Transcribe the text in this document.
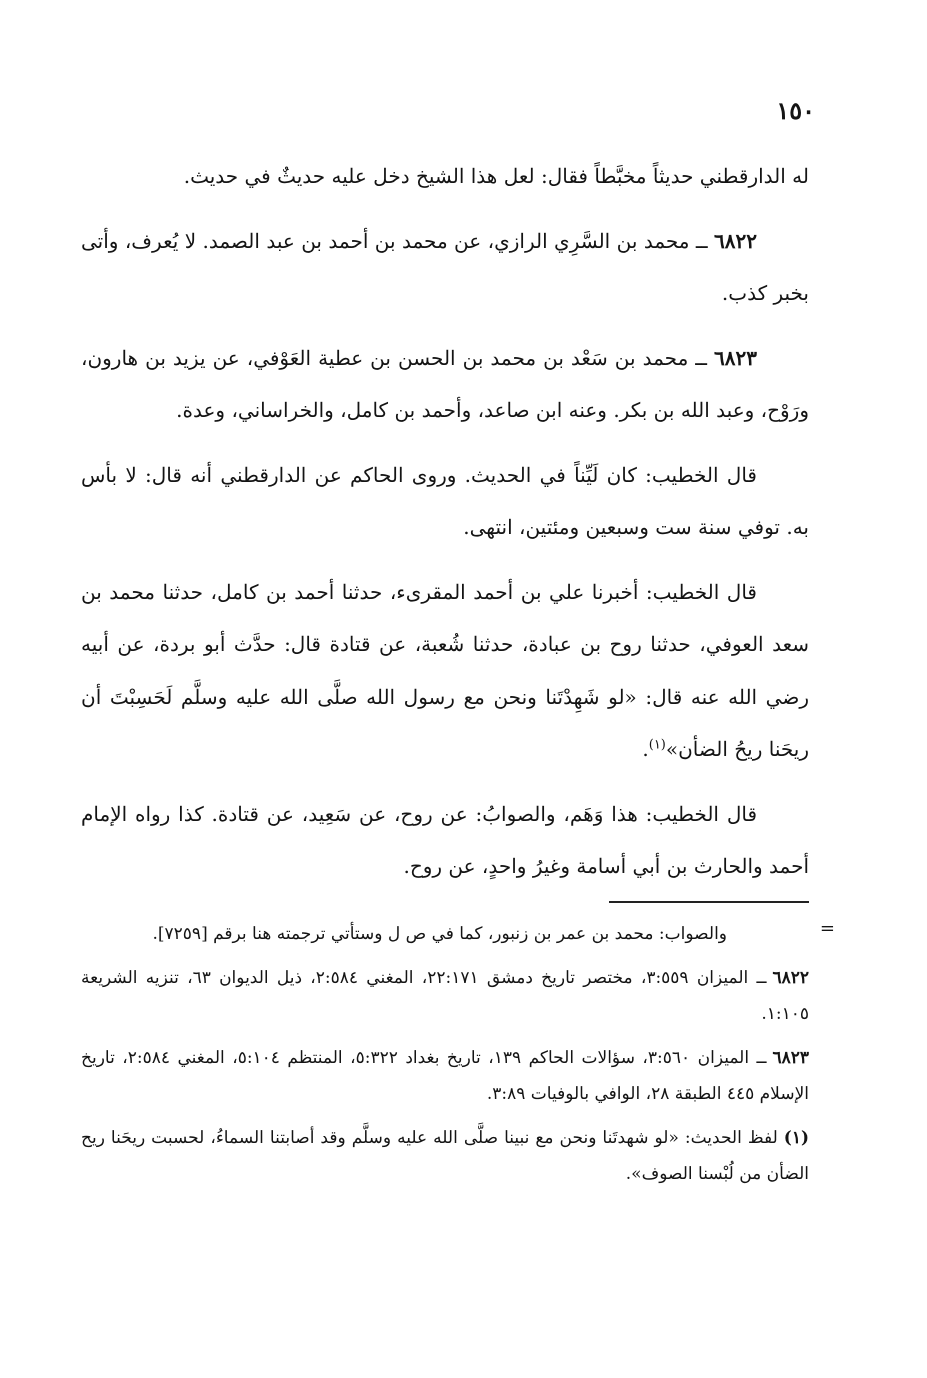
١٥٠

له الدارقطني حديثاً مخبَّطاً فقال: لعل هذا الشيخ دخل عليه حديثٌ في حديث.

٦٨٢٢ ــ محمد بن السَّرِي الرازي، عن محمد بن أحمد بن عبد الصمد. لا يُعرف، وأتى بخبر كذب.

٦٨٢٣ ــ محمد بن سَعْد بن محمد بن الحسن بن عطية العَوْفي، عن يزيد بن هارون، ورَوْح، وعبد الله بن بكر. وعنه ابن صاعد، وأحمد بن كامل، والخراساني، وعدة.

قال الخطيب: كان لَيِّناً في الحديث. وروى الحاكم عن الدارقطني أنه قال: لا بأس به. توفي سنة ست وسبعين ومئتين، انتهى.

قال الخطيب: أخبرنا علي بن أحمد المقرىء، حدثنا أحمد بن كامل، حدثنا محمد بن سعد العوفي، حدثنا روح بن عبادة، حدثنا شُعبة، عن قتادة قال: حدَّث أبو بردة، عن أبيه رضي الله عنه قال: «لو شَهِدْتَنا ونحن مع رسول الله صلَّى الله عليه وسلَّم لَحَسِبْتَ أن ريحَنا ريحُ الضأن»$^{(١)}$.

قال الخطيب: هذا وَهَم، والصوابُ: عن روح، عن سَعِيد، عن قتادة. كذا رواه الإمام أحمد والحارث بن أبي أسامة وغيرُ واحدٍ، عن روح.

=
والصواب: محمد بن عمر بن زنبور، كما في ص ل وستأتي ترجمته هنا برقم [٧٢٥٩].
٦٨٢٢ــ الميزان ٣:٥٥٩، مختصر تاريخ دمشق ٢٢:١٧١، المغني ٢:٥٨٤، ذيل الديوان ٦٣، تنزيه الشريعة ١:١٠٥.
٦٨٢٣ــ الميزان ٣:٥٦٠، سؤالات الحاكم ١٣٩، تاريخ بغداد ٥:٣٢٢، المنتظم ٥:١٠٤، المغني ٢:٥٨٤، تاريخ الإسلام ٤٤٥ الطبقة ٢٨، الوافي بالوفيات ٣:٨٩.
(١)لفظ الحديث: «لو شهدتَنا ونحن مع نبينا صلَّى الله عليه وسلَّم وقد أصابتنا السماءُ، لحسبت ريحَنا ريح الضأن من لُبْسنا الصوف».
